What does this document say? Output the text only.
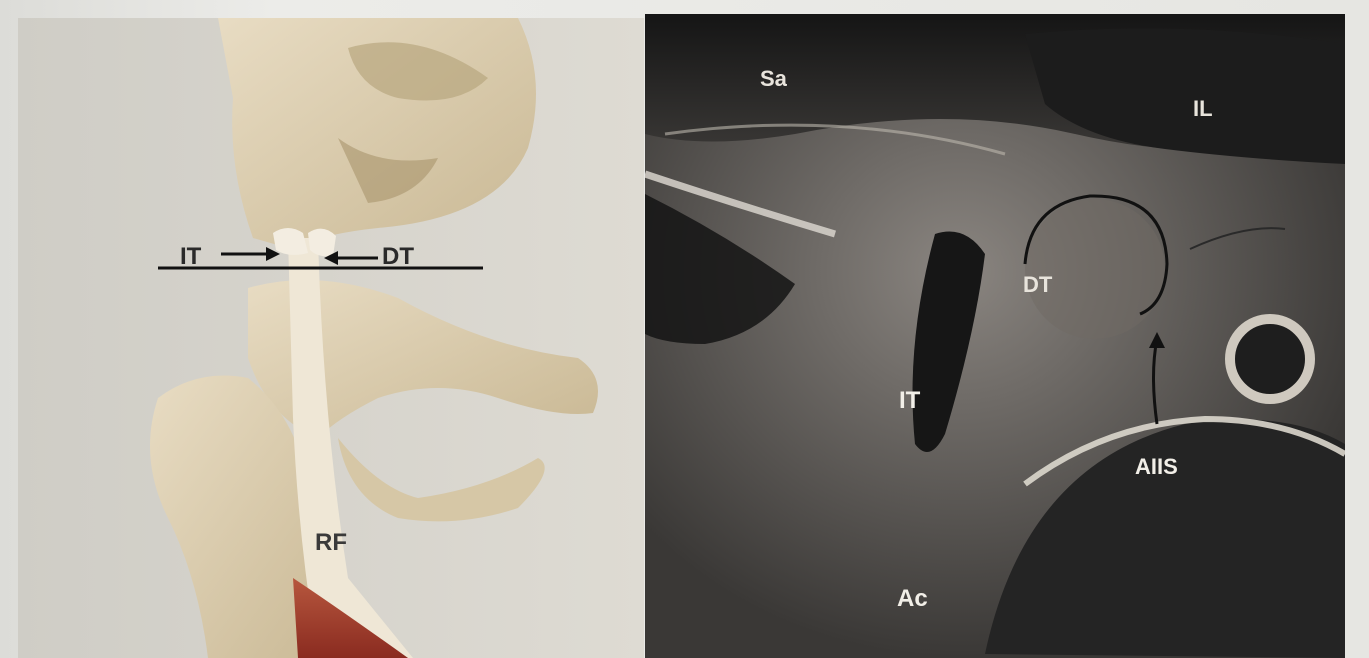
IT	DT
RF
Sa
IL
DT
IT
AIIS
Ac
